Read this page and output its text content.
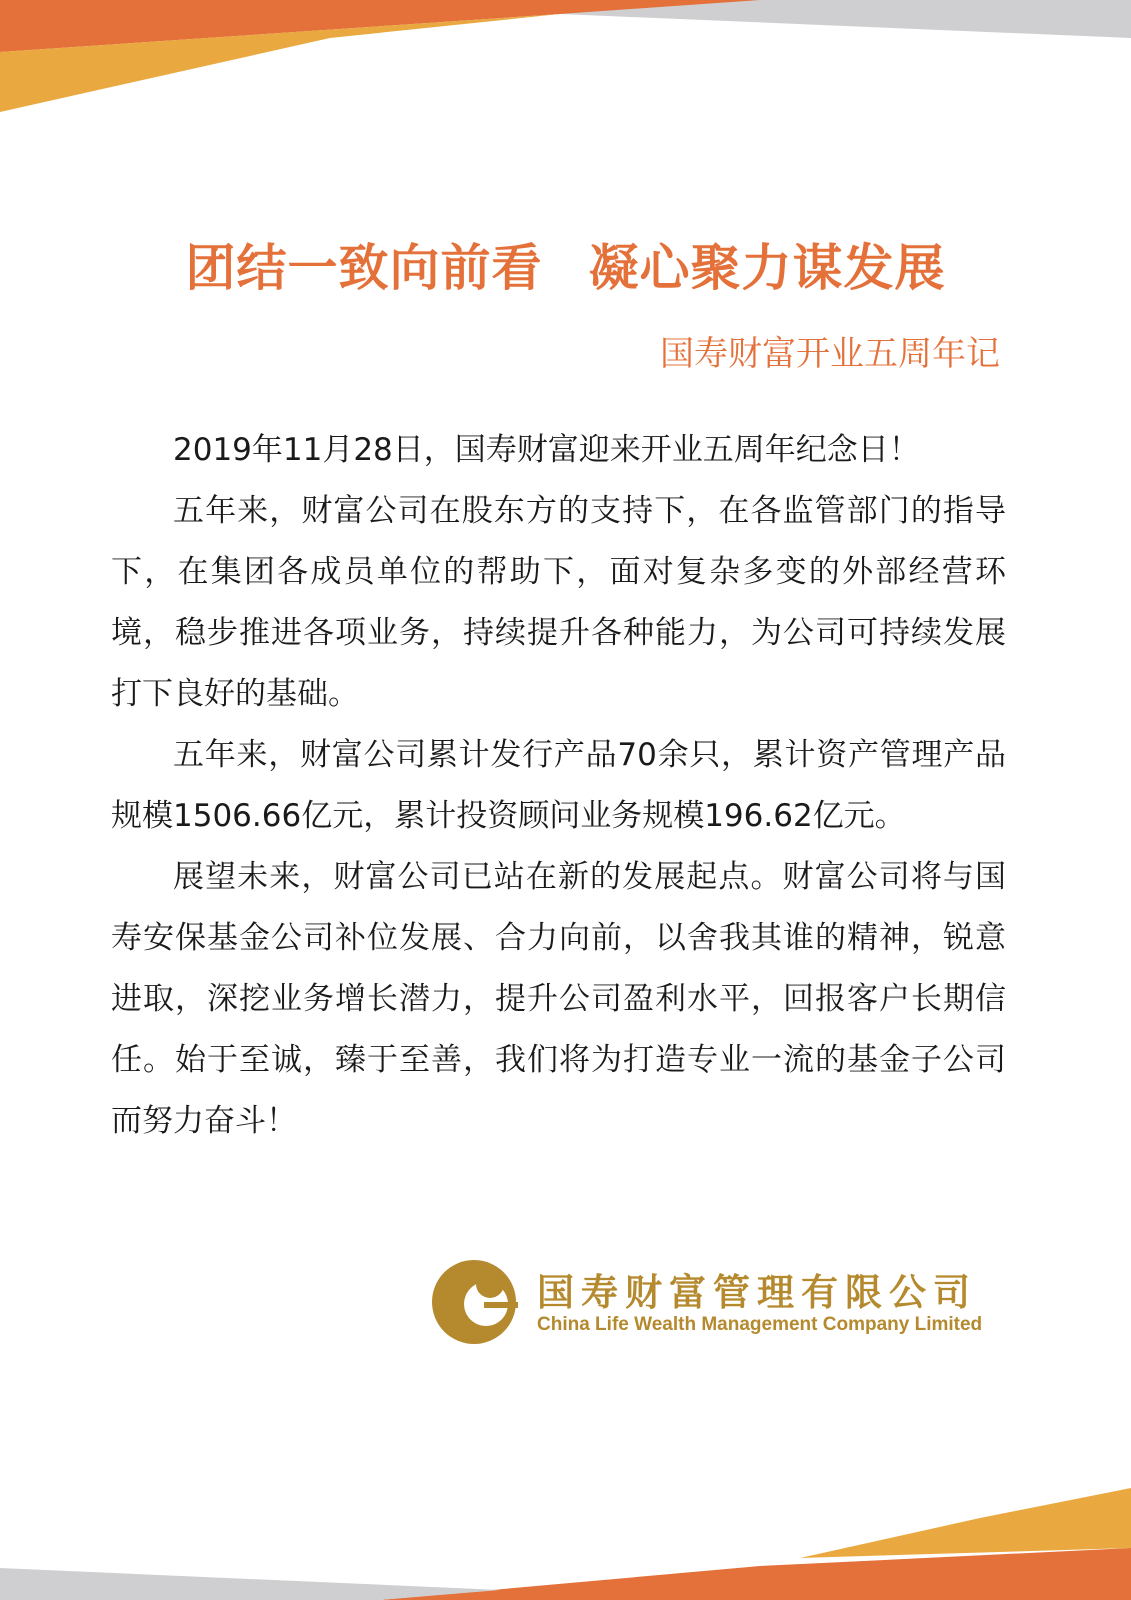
团结一致向前看 凝心聚力谋发展
国寿财富开业五周年记

2019年11月28日，国寿财富迎来开业五周年纪念日！

五年来，财富公司在股东方的支持下，在各监管部门的指导下，在集团各成员单位的帮助下，面对复杂多变的外部经营环境，稳步推进各项业务，持续提升各种能力，为公司可持续发展打下良好的基础。

五年来，财富公司累计发行产品70余只，累计资产管理产品规模1506.66亿元，累计投资顾问业务规模196.62亿元。

展望未来，财富公司已站在新的发展起点。财富公司将与国寿安保基金公司补位发展、合力向前，以舍我其谁的精神，锐意进取，深挖业务增长潜力，提升公司盈利水平，回报客户长期信任。始于至诚，臻于至善，我们将为打造专业一流的基金子公司而努力奋斗！

国寿财富管理有限公司
China Life Wealth Management Company Limited
